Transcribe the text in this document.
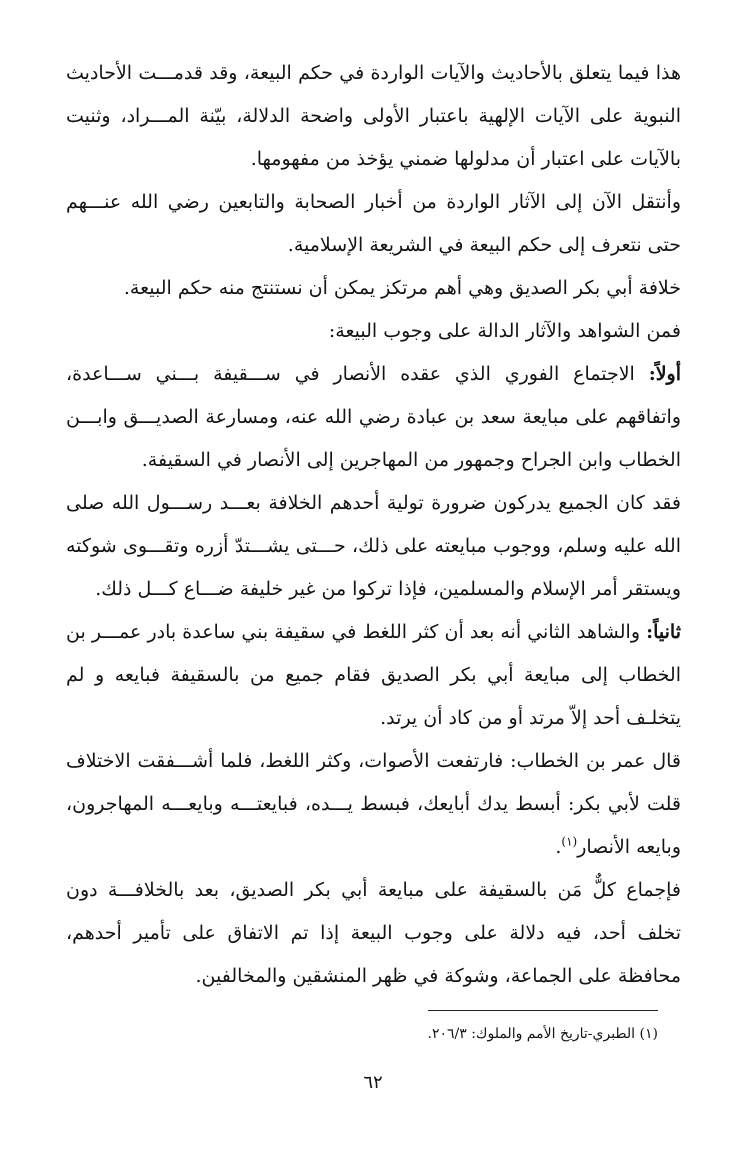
هذا فيما يتعلق بالأحاديث والآيات الواردة في حكم البيعة، وقد قدمـــت الأحاديث النبوية على الآيات الإلهية باعتبار الأولى واضحة الدلالة، بيّنة المـــراد، وثنيت بالآيات على اعتبار أن مدلولها ضمني يؤخذ من مفهومها.

وأنتقل الآن إلى الآثار الواردة من أخبار الصحابة والتابعين رضي الله عنـــهم حتى نتعرف إلى حكم البيعة في الشريعة الإسلامية.

خلافة أبي بكر الصديق وهي أهم مرتكز يمكن أن نستنتج منه حكم البيعة.

فمن الشواهد والآثار الدالة على وجوب البيعة:

أولاً: الاجتماع الفوري الذي عقده الأنصار في ســـقيفة بـــني ســـاعدة، واتفاقهم على مبايعة سعد بن عبادة رضي الله عنه، ومسارعة الصديـــق وابـــن الخطاب وابن الجراح وجمهور من المهاجرين إلى الأنصار في السقيفة.

فقد كان الجميع يدركون ضرورة تولية أحدهم الخلافة بعـــد رســـول الله صلى الله عليه وسلم، ووجوب مبايعته على ذلك، حـــتى يشـــتدّ أزره وتقـــوى شوكته ويستقر أمر الإسلام والمسلمين، فإذا تركوا من غير خليفة ضـــاع كـــل ذلك.

ثانياً: والشاهد الثاني أنه بعد أن كثر اللغط في سقيفة بني ساعدة بادر عمـــر بن الخطاب إلى مبايعة أبي بكر الصديق فقام جميع من بالسقيفة فبايعه و لم يتخلـف أحد إلاّ مرتد أو من كاد أن يرتد.

قال عمر بن الخطاب: فارتفعت الأصوات، وكثر اللغط، فلما أشـــفقت الاختلاف قلت لأبي بكر: أبسط يدك أبايعك، فبسط يـــده، فبايعتـــه وبايعـــه المهاجرون، وبايعه الأنصار$^{(١)}$.

فإجماع كلٌّ مَن بالسقيفة على مبايعة أبي بكر الصديق، بعد بالخلافـــة دون تخلف أحد، فيه دلالة على وجوب البيعة إذا تم الاتفاق على تأمير أحدهم، محافظة على الجماعة، وشوكة في ظهر المنشقين والمخالفين.

(١) الطبري-تاريخ الأمم والملوك: ٢٠٦/٣.
٦٢
